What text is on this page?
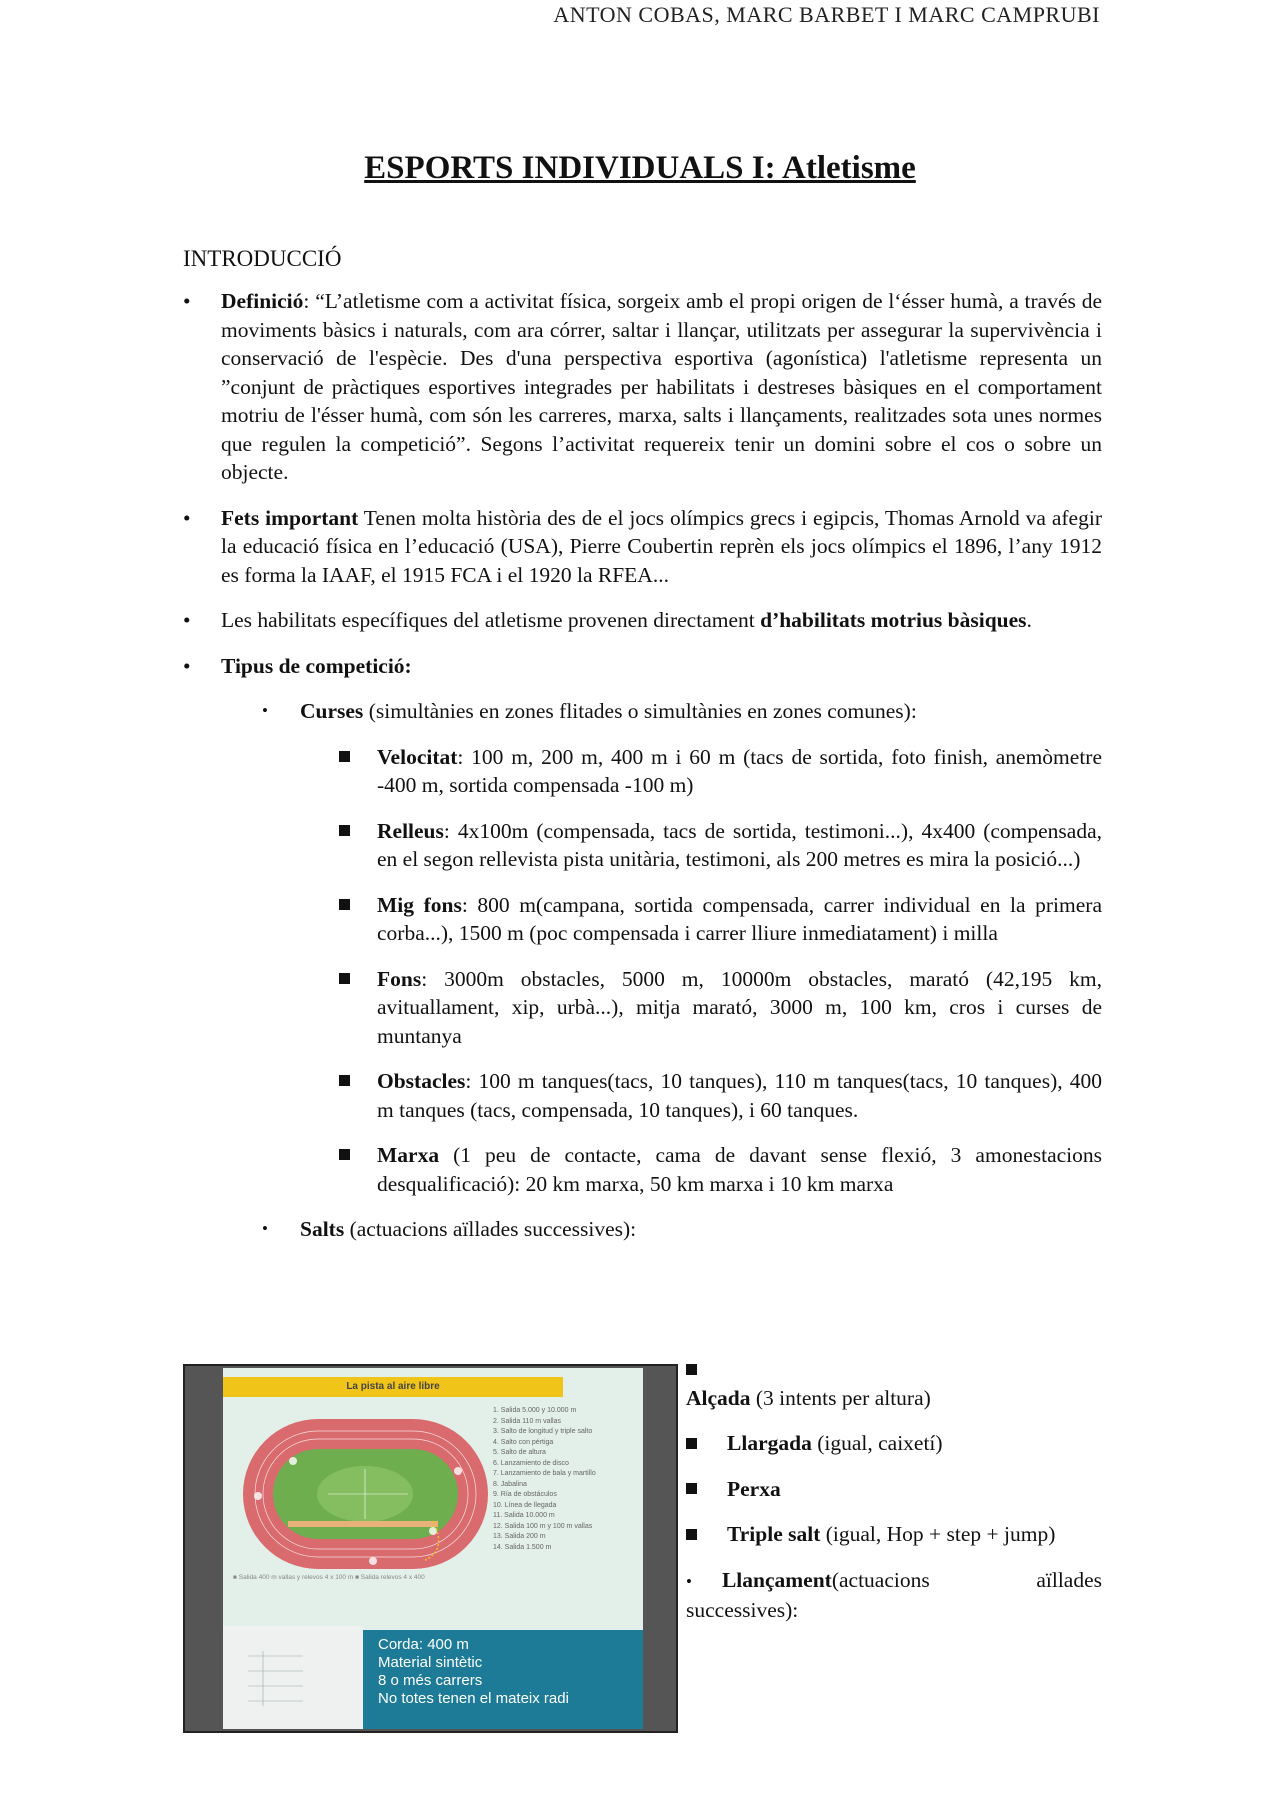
ANTON COBAS, MARC BARBET I MARC CAMPRUBI
ESPORTS INDIVIDUALS I: Atletisme
INTRODUCCIÓ
• Definició: “L’atletisme com a activitat física, sorgeix amb el propi origen de l‘ésser humà, a través de moviments bàsics i naturals, com ara córrer, saltar i llançar, utilitzats per assegurar la supervivència i conservació de l'espècie. Des d'una perspectiva esportiva (agonística) l'atletisme representa un ”conjunt de pràctiques esportives integrades per habilitats i destreses bàsiques en el comportament motriu de l'ésser humà, com són les carreres, marxa, salts i llançaments, realitzades sota unes normes que regulen la competició”. Segons l’activitat requereix tenir un domini sobre el cos o sobre un objecte.
• Fets important Tenen molta història des de el jocs olímpics grecs i egipcis, Thomas Arnold va afegir la educació física en l’educació (USA), Pierre Coubertin reprèn els jocs olímpics el 1896, l’any 1912 es forma la IAAF, el 1915 FCA i el 1920 la RFEA...
• Les habilitats específiques del atletisme provenen directament d’habilitats motrius bàsiques.
• Tipus de competició:
• Curses (simultànies en zones flitades o simultànies en zones comunes):
Velocitat: 100 m, 200 m, 400 m i 60 m (tacs de sortida, foto finish, anemòmetre -400 m, sortida compensada -100 m)
Relleus: 4x100m (compensada, tacs de sortida, testimoni...), 4x400 (compensada, en el segon rellevista pista unitària, testimoni, als 200 metres es mira la posició...)
Mig fons: 800 m(campana, sortida compensada, carrer individual en la primera corba...), 1500 m (poc compensada i carrer lliure inmediatament) i milla
Fons: 3000m obstacles, 5000 m, 10000m obstacles, marató (42,195 km, avituallament, xip, urbà...), mitja marató, 3000 m, 100 km, cros i curses de muntanya
Obstacles: 100 m tanques(tacs, 10 tanques), 110 m tanques(tacs, 10 tanques), 400 m tanques (tacs, compensada, 10 tanques), i 60 tanques.
Marxa (1 peu de contacte, cama de davant sense flexió, 3 amonestacions desqualificació): 20 km marxa, 50 km marxa i 10 km marxa
• Salts (actuacions aïllades successives):
La pista al aire libre
1. Salida 5.000 y 10.000 m
2. Salida 110 m vallas
3. Salto de longitud y triple salto
4. Salto con pértiga
5. Salto de altura
6. Lanzamiento de disco
7. Lanzamiento de bala y martillo
8. Jabalina
9. Ría de obstáculos
10. Línea de llegada
11. Salida 10.000 m
12. Salida 100 m y 100 m vallas
13. Salida 200 m
14. Salida 1.500 m
■ Salida 400 m vallas y relevos 4 x 100 m ■ Salida relevos 4 x 400
Corda: 400 m
Material sintètic
8 o més carrers
No totes tenen el mateix radi
Alçada (3 intents per altura)
Llargada (igual, caixetí)
Perxa
Triple salt (igual, Hop + step + jump)
• Llançament(actuacions aïllades successives):
